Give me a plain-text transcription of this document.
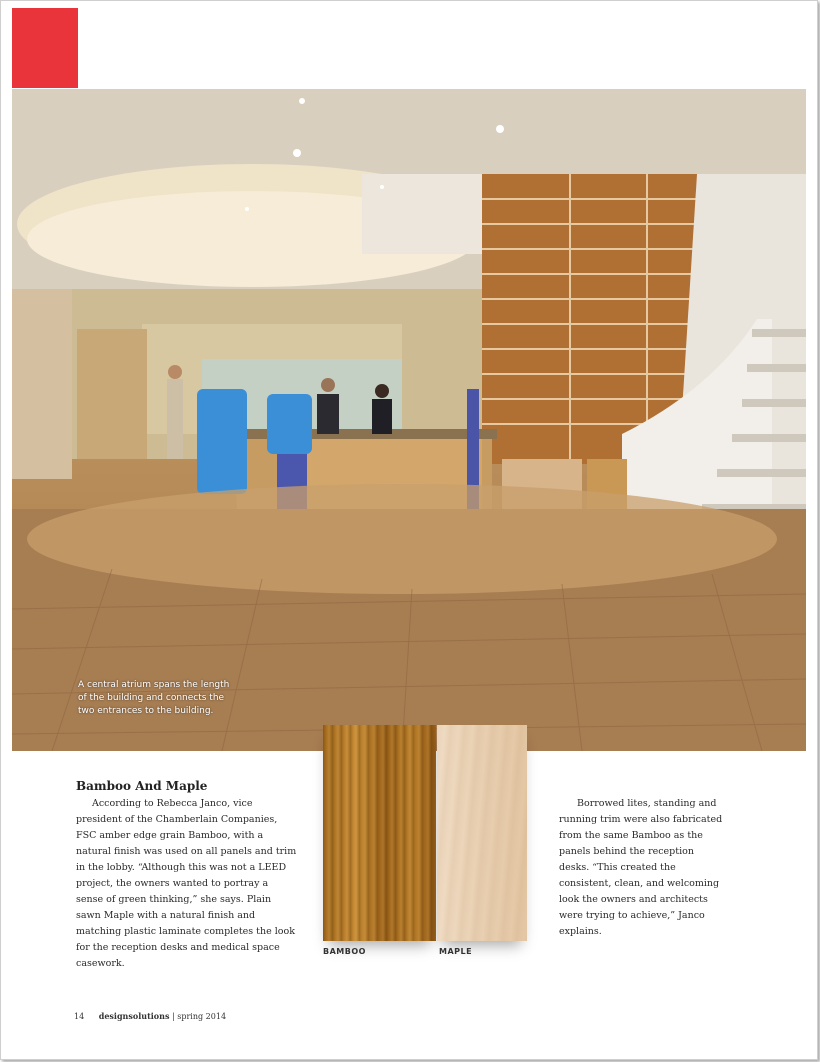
A central atrium spans the length of the building and connects the two entrances to the building.
BAMBOO	MAPLE
Bamboo And Maple

According to Rebecca Janco, vice president of the Chamberlain Companies, FSC amber edge grain Bamboo, with a natural finish was used on all panels and trim in the lobby. “Although this was not a LEED project, the owners wanted to portray a sense of green thinking,” she says. Plain sawn Maple with a natural finish and matching plastic laminate completes the look for the reception desks and medical space casework.

Borrowed lites, standing and running trim were also fabricated from the same Bamboo as the panels behind the reception desks. “This created the consistent, clean, and welcoming look the owners and architects were trying to achieve,” Janco explains.

14 designsolutions | spring 2014
